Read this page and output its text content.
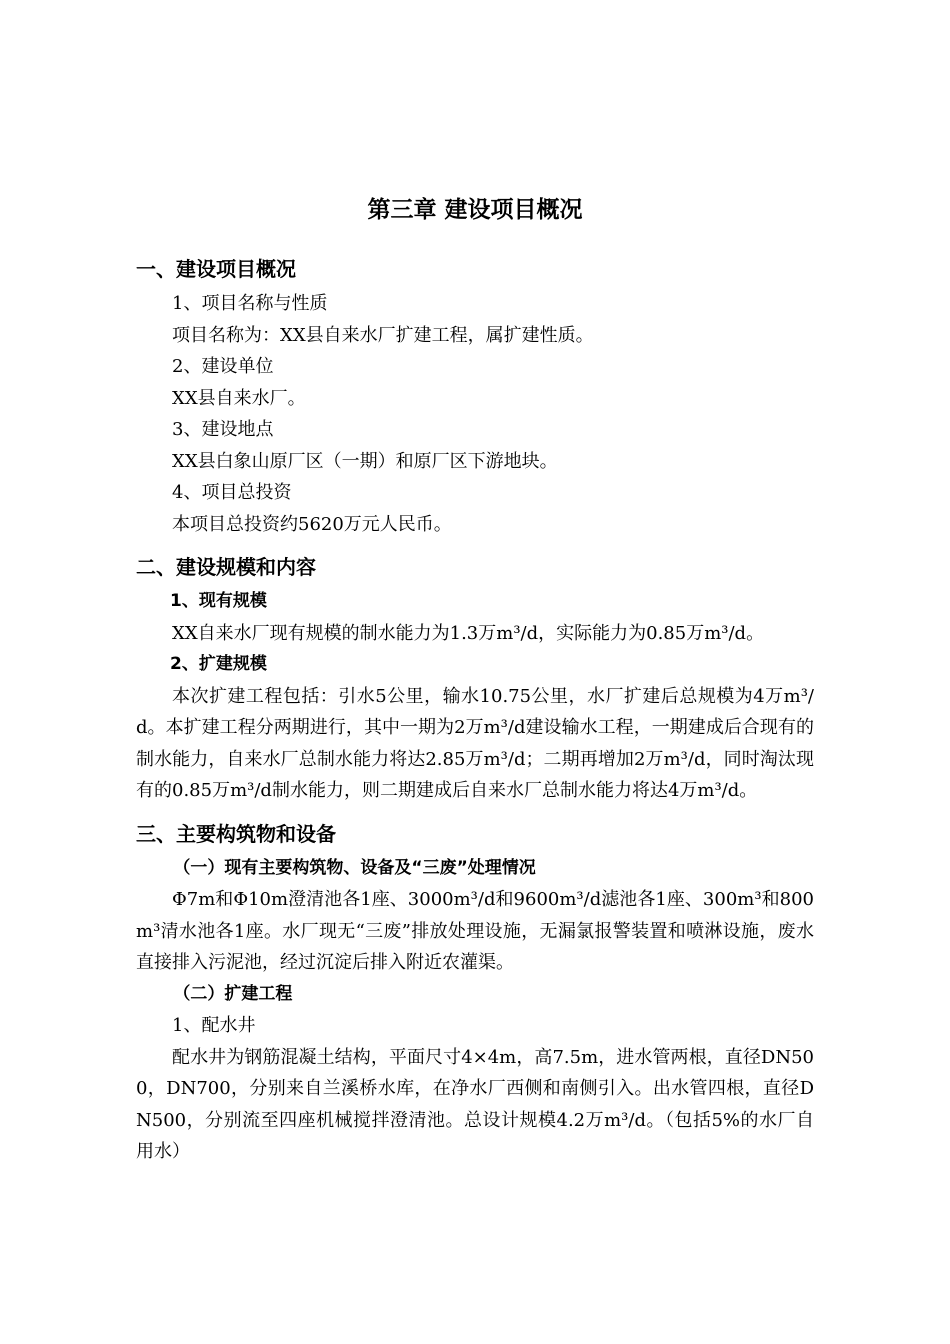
第三章 建设项目概况
一、建设项目概况

1、项目名称与性质

项目名称为：XX县自来水厂扩建工程，属扩建性质。

2、建设单位

XX县自来水厂。

3、建设地点

XX县白象山原厂区（一期）和原厂区下游地块。

4、项目总投资

本项目总投资约5620万元人民币。

二、建设规模和内容

1、现有规模

XX自来水厂现有规模的制水能力为1.3万m³/d，实际能力为0.85万m³/d。

2、扩建规模

本次扩建工程包括：引水5公里，输水10.75公里，水厂扩建后总规模为4万m³/d。本扩建工程分两期进行，其中一期为2万m³/d建设输水工程，一期建成后合现有的制水能力，自来水厂总制水能力将达2.85万m³/d；二期再增加2万m³/d，同时淘汰现有的0.85万m³/d制水能力，则二期建成后自来水厂总制水能力将达4万m³/d。

三、主要构筑物和设备

（一）现有主要构筑物、设备及“三废”处理情况

Φ7m和Φ10m澄清池各1座、3000m³/d和9600m³/d滤池各1座、300m³和800m³清水池各1座。水厂现无“三废”排放处理设施，无漏氯报警装置和喷淋设施，废水直接排入污泥池，经过沉淀后排入附近农灌渠。

（二）扩建工程

1、配水井

配水井为钢筋混凝土结构，平面尺寸4×4m，高7.5m，进水管两根，直径DN500，DN700，分别来自兰溪桥水库，在净水厂西侧和南侧引入。出水管四根，直径DN500，分别流至四座机械搅拌澄清池。总设计规模4.2万m³/d。（包括5%的水厂自用水）
